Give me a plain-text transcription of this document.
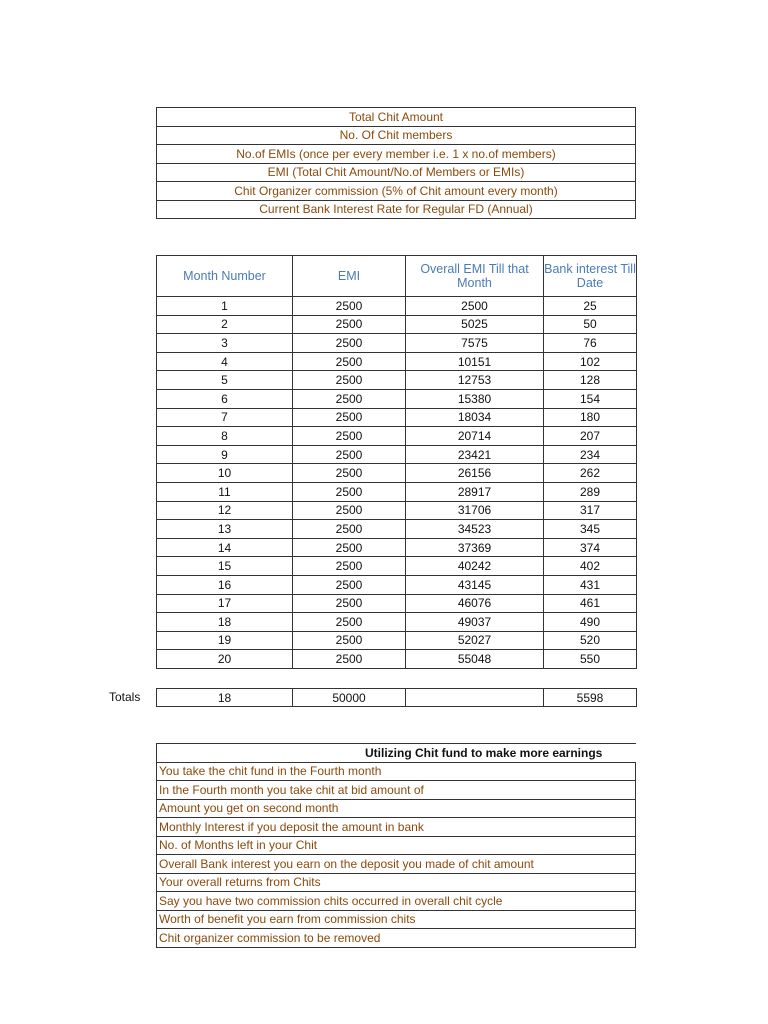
Total Chit Amount
No. Of Chit members
No.of EMIs (once per every member i.e. 1 x no.of members)
EMI (Total Chit Amount/No.of Members or EMIs)
Chit Organizer commission (5% of Chit amount every month)
Current Bank Interest Rate for Regular FD (Annual)
Month Number	EMI	Overall EMI Till that Month	Bank interest Till Date
1	2500	2500	25
2	2500	5025	50
3	2500	7575	76
4	2500	10151	102
5	2500	12753	128
6	2500	15380	154
7	2500	18034	180
8	2500	20714	207
9	2500	23421	234
10	2500	26156	262
11	2500	28917	289
12	2500	31706	317
13	2500	34523	345
14	2500	37369	374
15	2500	40242	402
16	2500	43145	431
17	2500	46076	461
18	2500	49037	490
19	2500	52027	520
20	2500	55048	550
Totals	18	50000		5598
Utilizing Chit fund to make more earnings
You take the chit fund in the Fourth month
In the Fourth month you take chit at bid amount of
Amount you get on second month
Monthly Interest if you deposit the amount in bank
No. of Months left in your Chit
Overall Bank interest you earn on the deposit you made of chit amount
Your overall returns from Chits
Say you have two commission chits occurred in overall chit cycle
Worth of benefit you earn from commission chits
Chit organizer commission to be removed
